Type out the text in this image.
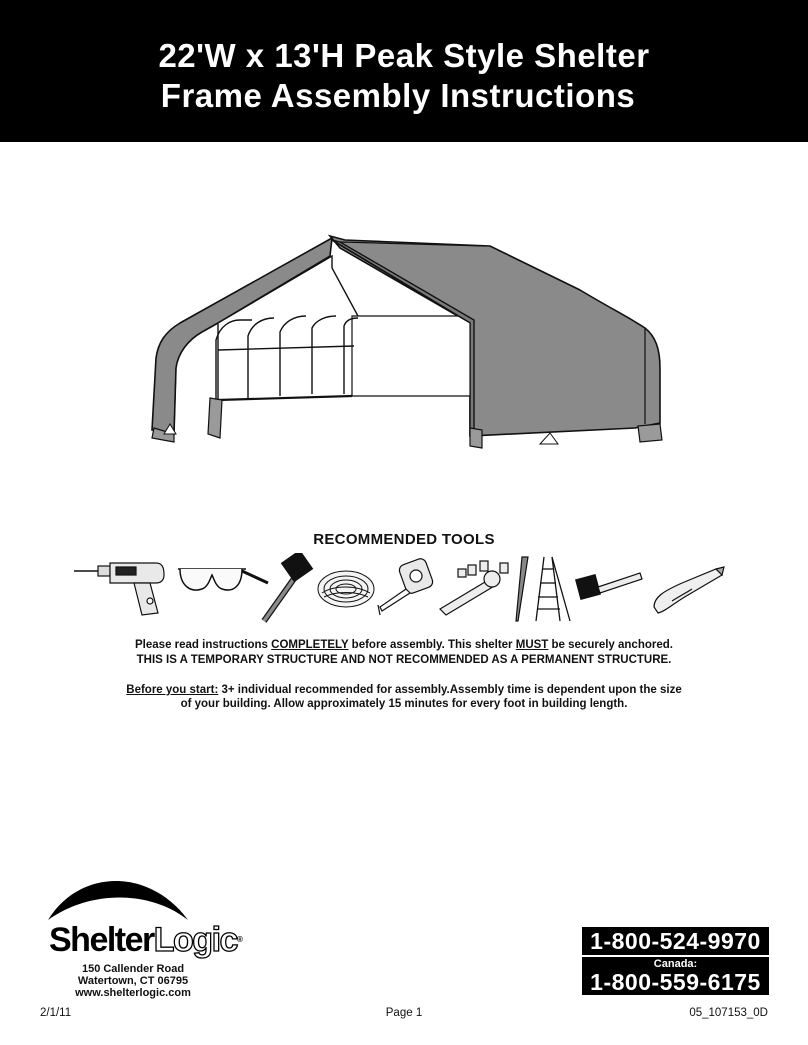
22'W x 13'H Peak Style Shelter
Frame Assembly Instructions
RECOMMENDED TOOLS
Please read instructions COMPLETELY before assembly. This shelter MUST be securely anchored.
THIS IS A TEMPORARY STRUCTURE AND NOT RECOMMENDED AS A PERMANENT STRUCTURE.
Before you start: 3+ individual recommended for assembly.Assembly time is dependent upon the size
of your building. Allow approximately 15 minutes for every foot in building length.
ShelterLogic®
150 Callender Road
Watertown, CT 06795
www.shelterlogic.com
1-800-524-9970
Canada:
1-800-559-6175
2/1/11	Page 1	05_107153_0D
